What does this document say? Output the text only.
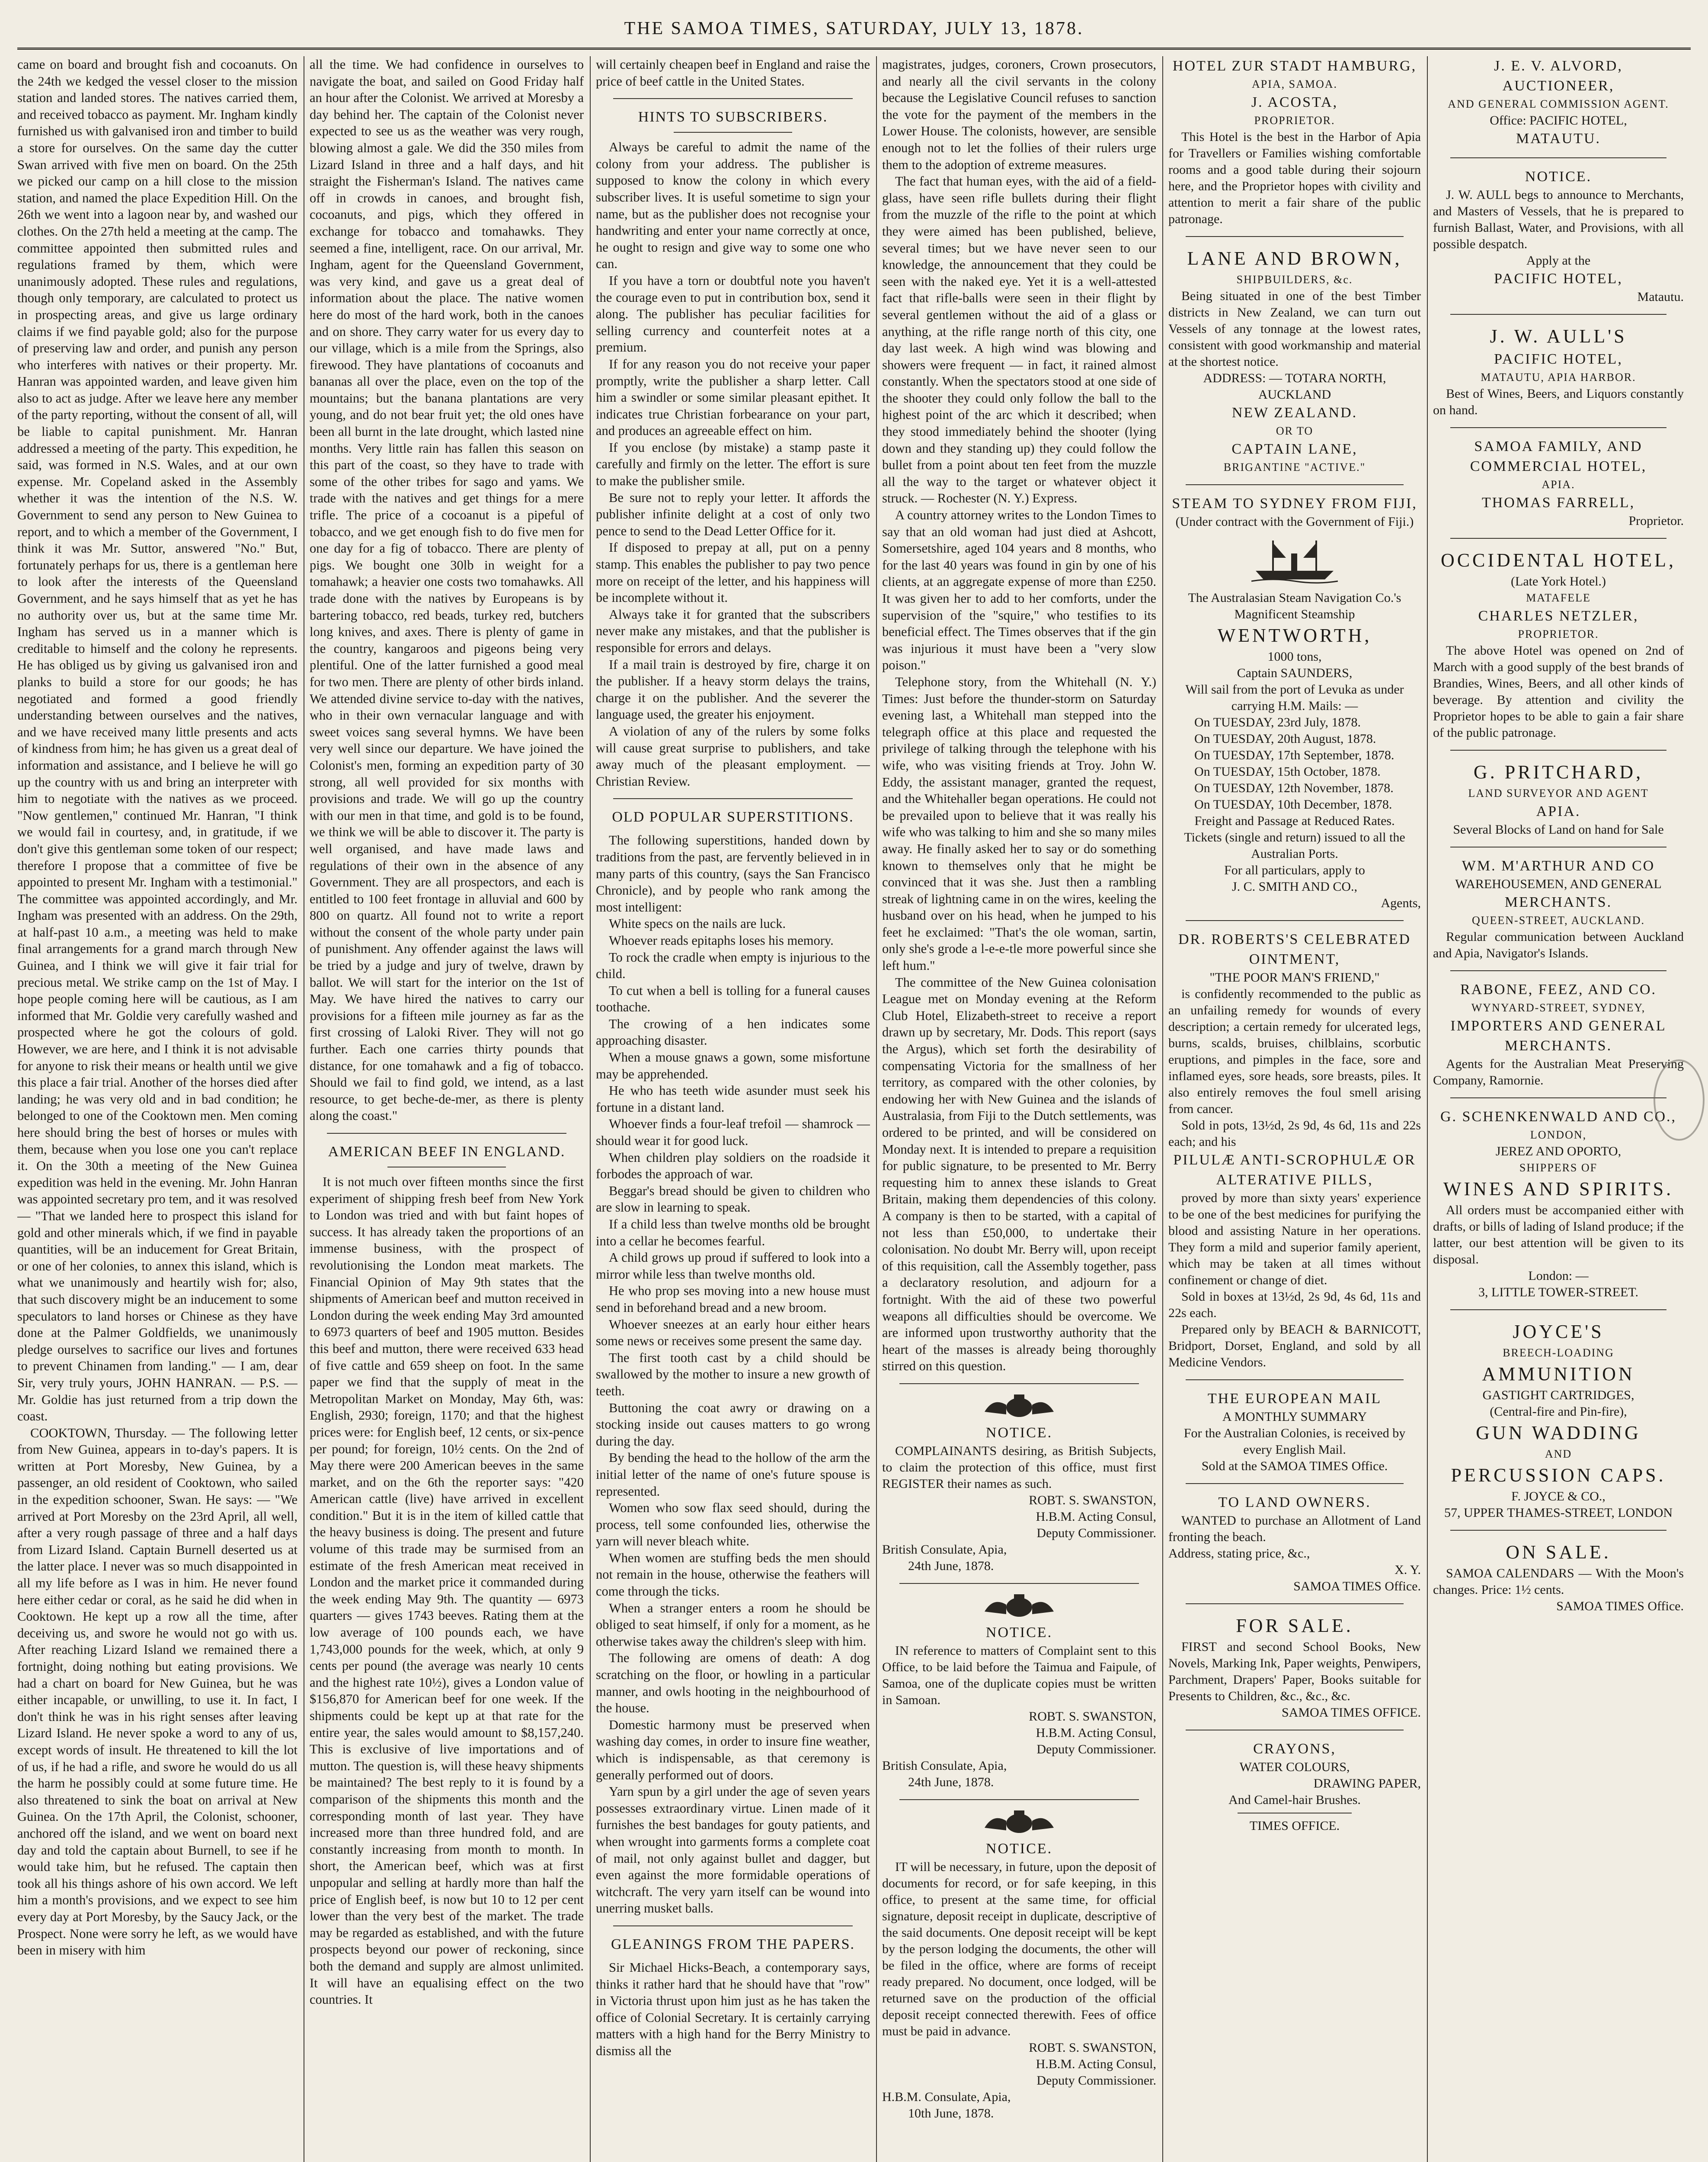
THE SAMOA TIMES, SATURDAY, JULY 13, 1878.

came on board and brought fish and cocoanuts. On the 24th we kedged the vessel closer to the mission station and landed stores. The natives carried them, and received tobacco as payment. Mr. Ingham kindly furnished us with galvanised iron and timber to build a store for ourselves. On the same day the cutter Swan arrived with five men on board. On the 25th we picked our camp on a hill close to the mission station, and named the place Expedition Hill. On the 26th we went into a lagoon near by, and washed our clothes. On the 27th held a meeting at the camp. The committee appointed then submitted rules and regulations framed by them, which were unanimously adopted. These rules and regulations, though only temporary, are calculated to protect us in prospecting areas, and give us large ordinary claims if we find payable gold; also for the purpose of preserving law and order, and punish any person who interferes with natives or their property. Mr. Hanran was appointed warden, and leave given him also to act as judge. After we leave here any member of the party reporting, without the consent of all, will be liable to capital punishment. Mr. Hanran addressed a meeting of the party. This expedition, he said, was formed in N.S. Wales, and at our own expense. Mr. Copeland asked in the Assembly whether it was the intention of the N.S. W. Government to send any person to New Guinea to report, and to which a member of the Government, I think it was Mr. Suttor, answered "No." But, fortunately perhaps for us, there is a gentleman here to look after the interests of the Queensland Government, and he says himself that as yet he has no authority over us, but at the same time Mr. Ingham has served us in a manner which is creditable to himself and the colony he represents. He has obliged us by giving us galvanised iron and planks to build a store for our goods; he has negotiated and formed a good friendly understanding between ourselves and the natives, and we have received many little presents and acts of kindness from him; he has given us a great deal of information and assistance, and I believe he will go up the country with us and bring an interpreter with him to negotiate with the natives as we proceed. "Now gentlemen," continued Mr. Hanran, "I think we would fail in courtesy, and, in gratitude, if we don't give this gentleman some token of our respect; therefore I propose that a committee of five be appointed to present Mr. Ingham with a testimonial." The committee was appointed accordingly, and Mr. Ingham was presented with an address. On the 29th, at half-past 10 a.m., a meeting was held to make final arrangements for a grand march through New Guinea, and I think we will give it fair trial for precious metal. We strike camp on the 1st of May. I hope people coming here will be cautious, as I am informed that Mr. Goldie very carefully washed and prospected where he got the colours of gold. However, we are here, and I think it is not advisable for anyone to risk their means or health until we give this place a fair trial. Another of the horses died after landing; he was very old and in bad condition; he belonged to one of the Cooktown men. Men coming here should bring the best of horses or mules with them, because when you lose one you can't replace it. On the 30th a meeting of the New Guinea expedition was held in the evening. Mr. John Hanran was appointed secretary pro tem, and it was resolved — "That we landed here to prospect this island for gold and other minerals which, if we find in payable quantities, will be an inducement for Great Britain, or one of her colonies, to annex this island, which is what we unanimously and heartily wish for; also, that such discovery might be an inducement to some speculators to land horses or Chinese as they have done at the Palmer Goldfields, we unanimously pledge ourselves to sacrifice our lives and fortunes to prevent Chinamen from landing." — I am, dear Sir, very truly yours, JOHN HANRAN. — P.S. — Mr. Goldie has just returned from a trip down the coast.

COOKTOWN, Thursday. — The following letter from New Guinea, appears in to-day's papers. It is written at Port Moresby, New Guinea, by a passenger, an old resident of Cooktown, who sailed in the expedition schooner, Swan. He says: — "We arrived at Port Moresby on the 23rd April, all well, after a very rough passage of three and a half days from Lizard Island. Captain Burnell deserted us at the latter place. I never was so much disappointed in all my life before as I was in him. He never found here either cedar or coral, as he said he did when in Cooktown. He kept up a row all the time, after deceiving us, and swore he would not go with us. After reaching Lizard Island we remained there a fortnight, doing nothing but eating provisions. We had a chart on board for New Guinea, but he was either incapable, or unwilling, to use it. In fact, I don't think he was in his right senses after leaving Lizard Island. He never spoke a word to any of us, except words of insult. He threatened to kill the lot of us, if he had a rifle, and swore he would do us all the harm he possibly could at some future time. He also threatened to sink the boat on arrival at New Guinea. On the 17th April, the Colonist, schooner, anchored off the island, and we went on board next day and told the captain about Burnell, to see if he would take him, but he refused. The captain then took all his things ashore of his own accord. We left him a month's provisions, and we expect to see him every day at Port Moresby, by the Saucy Jack, or the Prospect. None were sorry he left, as we would have been in misery with him

all the time. We had confidence in ourselves to navigate the boat, and sailed on Good Friday half an hour after the Colonist. We arrived at Moresby a day behind her. The captain of the Colonist never expected to see us as the weather was very rough, blowing almost a gale. We did the 350 miles from Lizard Island in three and a half days, and hit straight the Fisherman's Island. The natives came off in crowds in canoes, and brought fish, cocoanuts, and pigs, which they offered in exchange for tobacco and tomahawks. They seemed a fine, intelligent, race. On our arrival, Mr. Ingham, agent for the Queensland Government, was very kind, and gave us a great deal of information about the place. The native women here do most of the hard work, both in the canoes and on shore. They carry water for us every day to our village, which is a mile from the Springs, also firewood. They have plantations of cocoanuts and bananas all over the place, even on the top of the mountains; but the banana plantations are very young, and do not bear fruit yet; the old ones have been all burnt in the late drought, which lasted nine months. Very little rain has fallen this season on this part of the coast, so they have to trade with some of the other tribes for sago and yams. We trade with the natives and get things for a mere trifle. The price of a cocoanut is a pipeful of tobacco, and we get enough fish to do five men for one day for a fig of tobacco. There are plenty of pigs. We bought one 30lb in weight for a tomahawk; a heavier one costs two tomahawks. All trade done with the natives by Europeans is by bartering tobacco, red beads, turkey red, butchers long knives, and axes. There is plenty of game in the country, kangaroos and pigeons being very plentiful. One of the latter furnished a good meal for two men. There are plenty of other birds inland. We attended divine service to-day with the natives, who in their own vernacular language and with sweet voices sang several hymns. We have been very well since our departure. We have joined the Colonist's men, forming an expedition party of 30 strong, all well provided for six months with provisions and trade. We will go up the country with our men in that time, and gold is to be found, we think we will be able to discover it. The party is well organised, and have made laws and regulations of their own in the absence of any Government. They are all prospectors, and each is entitled to 100 feet frontage in alluvial and 600 by 800 on quartz. All found not to write a report without the consent of the whole party under pain of punishment. Any offender against the laws will be tried by a judge and jury of twelve, drawn by ballot. We will start for the interior on the 1st of May. We have hired the natives to carry our provisions for a fifteen mile journey as far as the first crossing of Laloki River. They will not go further. Each one carries thirty pounds that distance, for one tomahawk and a fig of tobacco. Should we fail to find gold, we intend, as a last resource, to get beche-de-mer, as there is plenty along the coast."

AMERICAN BEEF IN ENGLAND.

It is not much over fifteen months since the first experiment of shipping fresh beef from New York to London was tried and with but faint hopes of success. It has already taken the proportions of an immense business, with the prospect of revolutionising the London meat markets. The Financial Opinion of May 9th states that the shipments of American beef and mutton received in London during the week ending May 3rd amounted to 6973 quarters of beef and 1905 mutton. Besides this beef and mutton, there were received 633 head of five cattle and 659 sheep on foot. In the same paper we find that the supply of meat in the Metropolitan Market on Monday, May 6th, was: English, 2930; foreign, 1170; and that the highest prices were: for English beef, 12 cents, or six-pence per pound; for foreign, 10½ cents. On the 2nd of May there were 200 American beeves in the same market, and on the 6th the reporter says: "420 American cattle (live) have arrived in excellent condition." But it is in the item of killed cattle that the heavy business is doing. The present and future volume of this trade may be surmised from an estimate of the fresh American meat received in London and the market price it commanded during the week ending May 9th. The quantity — 6973 quarters — gives 1743 beeves. Rating them at the low average of 100 pounds each, we have 1,743,000 pounds for the week, which, at only 9 cents per pound (the average was nearly 10 cents and the highest rate 10½), gives a London value of $156,870 for American beef for one week. If the shipments could be kept up at that rate for the entire year, the sales would amount to $8,157,240. This is exclusive of live importations and of mutton. The question is, will these heavy shipments be maintained? The best reply to it is found by a comparison of the shipments this month and the corresponding month of last year. They have increased more than three hundred fold, and are constantly increasing from month to month. In short, the American beef, which was at first unpopular and selling at hardly more than half the price of English beef, is now but 10 to 12 per cent lower than the very best of the market. The trade may be regarded as established, and with the future prospects beyond our power of reckoning, since both the demand and supply are almost unlimited. It will have an equalising effect on the two countries. It

will certainly cheapen beef in England and raise the price of beef cattle in the United States.

HINTS TO SUBSCRIBERS.

Always be careful to admit the name of the colony from your address. The publisher is supposed to know the colony in which every subscriber lives. It is useful sometime to sign your name, but as the publisher does not recognise your handwriting and enter your name correctly at once, he ought to resign and give way to some one who can.

If you have a torn or doubtful note you haven't the courage even to put in contribution box, send it along. The publisher has peculiar facilities for selling currency and counterfeit notes at a premium.

If for any reason you do not receive your paper promptly, write the publisher a sharp letter. Call him a swindler or some similar pleasant epithet. It indicates true Christian forbearance on your part, and produces an agreeable effect on him.

If you enclose (by mistake) a stamp paste it carefully and firmly on the letter. The effort is sure to make the publisher smile.

Be sure not to reply your letter. It affords the publisher infinite delight at a cost of only two pence to send to the Dead Letter Office for it.

If disposed to prepay at all, put on a penny stamp. This enables the publisher to pay two pence more on receipt of the letter, and his happiness will be incomplete without it.

Always take it for granted that the subscribers never make any mistakes, and that the publisher is responsible for errors and delays.

If a mail train is destroyed by fire, charge it on the publisher. If a heavy storm delays the trains, charge it on the publisher. And the severer the language used, the greater his enjoyment.

A violation of any of the rulers by some folks will cause great surprise to publishers, and take away much of the pleasant employment. — Christian Review.

OLD POPULAR SUPERSTITIONS.

The following superstitions, handed down by traditions from the past, are fervently believed in in many parts of this country, (says the San Francisco Chronicle), and by people who rank among the most intelligent:

White specs on the nails are luck.

Whoever reads epitaphs loses his memory.

To rock the cradle when empty is injurious to the child.

To cut when a bell is tolling for a funeral causes toothache.

The crowing of a hen indicates some approaching disaster.

When a mouse gnaws a gown, some misfortune may be apprehended.

He who has teeth wide asunder must seek his fortune in a distant land.

Whoever finds a four-leaf trefoil — shamrock — should wear it for good luck.

When children play soldiers on the roadside it forbodes the approach of war.

Beggar's bread should be given to children who are slow in learning to speak.

If a child less than twelve months old be brought into a cellar he becomes fearful.

A child grows up proud if suffered to look into a mirror while less than twelve months old.

He who prop ses moving into a new house must send in beforehand bread and a new broom.

Whoever sneezes at an early hour either hears some news or receives some present the same day.

The first tooth cast by a child should be swallowed by the mother to insure a new growth of teeth.

Buttoning the coat awry or drawing on a stocking inside out causes matters to go wrong during the day.

By bending the head to the hollow of the arm the initial letter of the name of one's future spouse is represented.

Women who sow flax seed should, during the process, tell some confounded lies, otherwise the yarn will never bleach white.

When women are stuffing beds the men should not remain in the house, otherwise the feathers will come through the ticks.

When a stranger enters a room he should be obliged to seat himself, if only for a moment, as he otherwise takes away the children's sleep with him.

The following are omens of death: A dog scratching on the floor, or howling in a particular manner, and owls hooting in the neighbourhood of the house.

Domestic harmony must be preserved when washing day comes, in order to insure fine weather, which is indispensable, as that ceremony is generally performed out of doors.

Yarn spun by a girl under the age of seven years possesses extraordinary virtue. Linen made of it furnishes the best bandages for gouty patients, and when wrought into garments forms a complete coat of mail, not only against bullet and dagger, but even against the more formidable operations of witchcraft. The very yarn itself can be wound into unerring musket balls.

GLEANINGS FROM THE PAPERS.

Sir Michael Hicks-Beach, a contemporary says, thinks it rather hard that he should have that "row" in Victoria thrust upon him just as he has taken the office of Colonial Secretary. It is certainly carrying matters with a high hand for the Berry Ministry to dismiss all the

magistrates, judges, coroners, Crown prosecutors, and nearly all the civil servants in the colony because the Legislative Council refuses to sanction the vote for the payment of the members in the Lower House. The colonists, however, are sensible enough not to let the follies of their rulers urge them to the adoption of extreme measures.

The fact that human eyes, with the aid of a field-glass, have seen rifle bullets during their flight from the muzzle of the rifle to the point at which they were aimed has been published, believe, several times; but we have never seen to our knowledge, the announcement that they could be seen with the naked eye. Yet it is a well-attested fact that rifle-balls were seen in their flight by several gentlemen without the aid of a glass or anything, at the rifle range north of this city, one day last week. A high wind was blowing and showers were frequent — in fact, it rained almost constantly. When the spectators stood at one side of the shooter they could only follow the ball to the highest point of the arc which it described; when they stood immediately behind the shooter (lying down and they standing up) they could follow the bullet from a point about ten feet from the muzzle all the way to the target or whatever object it struck. — Rochester (N. Y.) Express.

A country attorney writes to the London Times to say that an old woman had just died at Ashcott, Somersetshire, aged 104 years and 8 months, who for the last 40 years was found in gin by one of his clients, at an aggregate expense of more than £250. It was given her to add to her comforts, under the supervision of the "squire," who testifies to its beneficial effect. The Times observes that if the gin was injurious it must have been a "very slow poison."

Telephone story, from the Whitehall (N. Y.) Times: Just before the thunder-storm on Saturday evening last, a Whitehall man stepped into the telegraph office at this place and requested the privilege of talking through the telephone with his wife, who was visiting friends at Troy. John W. Eddy, the assistant manager, granted the request, and the Whitehaller began operations. He could not be prevailed upon to believe that it was really his wife who was talking to him and she so many miles away. He finally asked her to say or do something known to themselves only that he might be convinced that it was she. Just then a rambling streak of lightning came in on the wires, keeling the husband over on his head, when he jumped to his feet he exclaimed: "That's the ole woman, sartin, only she's grode a l-e-e-tle more powerful since she left hum."

The committee of the New Guinea colonisation League met on Monday evening at the Reform Club Hotel, Elizabeth-street to receive a report drawn up by secretary, Mr. Dods. This report (says the Argus), which set forth the desirability of compensating Victoria for the smallness of her territory, as compared with the other colonies, by endowing her with New Guinea and the islands of Australasia, from Fiji to the Dutch settlements, was ordered to be printed, and will be considered on Monday next. It is intended to prepare a requisition for public signature, to be presented to Mr. Berry requesting him to annex these islands to Great Britain, making them dependencies of this colony. A company is then to be started, with a capital of not less than £50,000, to undertake their colonisation. No doubt Mr. Berry will, upon receipt of this requisition, call the Assembly together, pass a declaratory resolution, and adjourn for a fortnight. With the aid of these two powerful weapons all difficulties should be overcome. We are informed upon trustworthy authority that the heart of the masses is already being thoroughly stirred on this question.

NOTICE.
COMPLAINANTS desiring, as British Subjects, to claim the protection of this office, must first REGISTER their names as such.
ROBT. S. SWANSTON,
H.B.M. Acting Consul,
Deputy Commissioner.
British Consulate, Apia,
24th June, 1878.
NOTICE.
IN reference to matters of Complaint sent to this Office, to be laid before the Taimua and Faipule, of Samoa, one of the duplicate copies must be written in Samoan.
ROBT. S. SWANSTON,
H.B.M. Acting Consul,
Deputy Commissioner.
British Consulate, Apia,
24th June, 1878.
NOTICE.
IT will be necessary, in future, upon the deposit of documents for record, or for safe keeping, in this office, to present at the same time, for official signature, deposit receipt in duplicate, descriptive of the said documents. One deposit receipt will be kept by the person lodging the documents, the other will be filed in the office, where are forms of receipt ready prepared. No document, once lodged, will be returned save on the production of the official deposit receipt connected therewith. Fees of office must be paid in advance.
ROBT. S. SWANSTON,
H.B.M. Acting Consul,
Deputy Commissioner.
H.B.M. Consulate, Apia,
10th June, 1878.
HOTEL ZUR STADT HAMBURG,
APIA, SAMOA.
J. ACOSTA,
PROPRIETOR.
This Hotel is the best in the Harbor of Apia for Travellers or Families wishing comfortable rooms and a good table during their sojourn here, and the Proprietor hopes with civility and attention to merit a fair share of the public patronage.
LANE AND BROWN,
SHIPBUILDERS, &c.
Being situated in one of the best Timber districts in New Zealand, we can turn out Vessels of any tonnage at the lowest rates, consistent with good workmanship and material at the shortest notice.
ADDRESS: — TOTARA NORTH, AUCKLAND
NEW ZEALAND.
OR TO
CAPTAIN LANE,
BRIGANTINE "ACTIVE."
STEAM TO SYDNEY FROM FIJI,
(Under contract with the Government of Fiji.)
The Australasian Steam Navigation Co.'s Magnificent Steamship
WENTWORTH,
1000 tons,
Captain SAUNDERS,
Will sail from the port of Levuka as under carrying H.M. Mails: —
On TUESDAY, 23rd July, 1878.
On TUESDAY, 20th August, 1878.
On TUESDAY, 17th September, 1878.
On TUESDAY, 15th October, 1878.
On TUESDAY, 12th November, 1878.
On TUESDAY, 10th December, 1878.
Freight and Passage at Reduced Rates.
Tickets (single and return) issued to all the Australian Ports.
For all particulars, apply to
J. C. SMITH AND CO.,
Agents,
DR. ROBERTS'S CELEBRATED OINTMENT,
"THE POOR MAN'S FRIEND,"
is confidently recommended to the public as an unfailing remedy for wounds of every description; a certain remedy for ulcerated legs, burns, scalds, bruises, chilblains, scorbutic eruptions, and pimples in the face, sore and inflamed eyes, sore heads, sore breasts, piles. It also entirely removes the foul smell arising from cancer.
Sold in pots, 13½d, 2s 9d, 4s 6d, 11s and 22s each; and his
PILULÆ ANTI-SCROPHULÆ OR ALTERATIVE PILLS,
proved by more than sixty years' experience to be one of the best medicines for purifying the blood and assisting Nature in her operations. They form a mild and superior family aperient, which may be taken at all times without confinement or change of diet.
Sold in boxes at 13½d, 2s 9d, 4s 6d, 11s and 22s each.
Prepared only by BEACH & BARNICOTT, Bridport, Dorset, England, and sold by all Medicine Vendors.
THE EUROPEAN MAIL
A MONTHLY SUMMARY
For the Australian Colonies, is received by every English Mail.
Sold at the SAMOA TIMES Office.
TO LAND OWNERS.
WANTED to purchase an Allotment of Land fronting the beach.
Address, stating price, &c.,
X. Y.
SAMOA TIMES Office.
FOR SALE.
FIRST and second School Books, New Novels, Marking Ink, Paper weights, Penwipers, Parchment, Drapers' Paper, Books suitable for Presents to Children, &c., &c., &c.
SAMOA TIMES OFFICE.
CRAYONS,
WATER COLOURS,
DRAWING PAPER,
And Camel-hair Brushes.
TIMES OFFICE.
J. E. V. ALVORD,
AUCTIONEER,
AND GENERAL COMMISSION AGENT.
Office: PACIFIC HOTEL,
MATAUTU.
NOTICE.
J. W. AULL begs to announce to Merchants, and Masters of Vessels, that he is prepared to furnish Ballast, Water, and Provisions, with all possible despatch.
Apply at the
PACIFIC HOTEL,
Matautu.
J. W. AULL'S
PACIFIC HOTEL,
MATAUTU, APIA HARBOR.
Best of Wines, Beers, and Liquors constantly on hand.
SAMOA FAMILY, AND COMMERCIAL HOTEL,
APIA.
THOMAS FARRELL,
Proprietor.
OCCIDENTAL HOTEL,
(Late York Hotel.)
MATAFELE
CHARLES NETZLER,
PROPRIETOR.
The above Hotel was opened on 2nd of March with a good supply of the best brands of Brandies, Wines, Beers, and all other kinds of beverage. By attention and civility the Proprietor hopes to be able to gain a fair share of the public patronage.
G. PRITCHARD,
LAND SURVEYOR AND AGENT
APIA.
Several Blocks of Land on hand for Sale
WM. M'ARTHUR AND CO
WAREHOUSEMEN, AND GENERAL
MERCHANTS.
QUEEN-STREET, AUCKLAND.
Regular communication between Auckland and Apia, Navigator's Islands.
RABONE, FEEZ, AND CO.
WYNYARD-STREET, SYDNEY,
IMPORTERS AND GENERAL MERCHANTS.
Agents for the Australian Meat Preserving Company, Ramornie.
G. SCHENKENWALD AND CO.,
LONDON,
JEREZ AND OPORTO,
SHIPPERS OF
WINES AND SPIRITS.
All orders must be accompanied either with drafts, or bills of lading of Island produce; if the latter, our best attention will be given to its disposal.
London: —
3, LITTLE TOWER-STREET.
JOYCE'S
BREECH-LOADING
AMMUNITION
GASTIGHT CARTRIDGES,
(Central-fire and Pin-fire),
GUN WADDING
AND
PERCUSSION CAPS.
F. JOYCE & CO.,
57, UPPER THAMES-STREET, LONDON
ON SALE.
SAMOA CALENDARS — With the Moon's changes. Price: 1½ cents.
SAMOA TIMES Office.
